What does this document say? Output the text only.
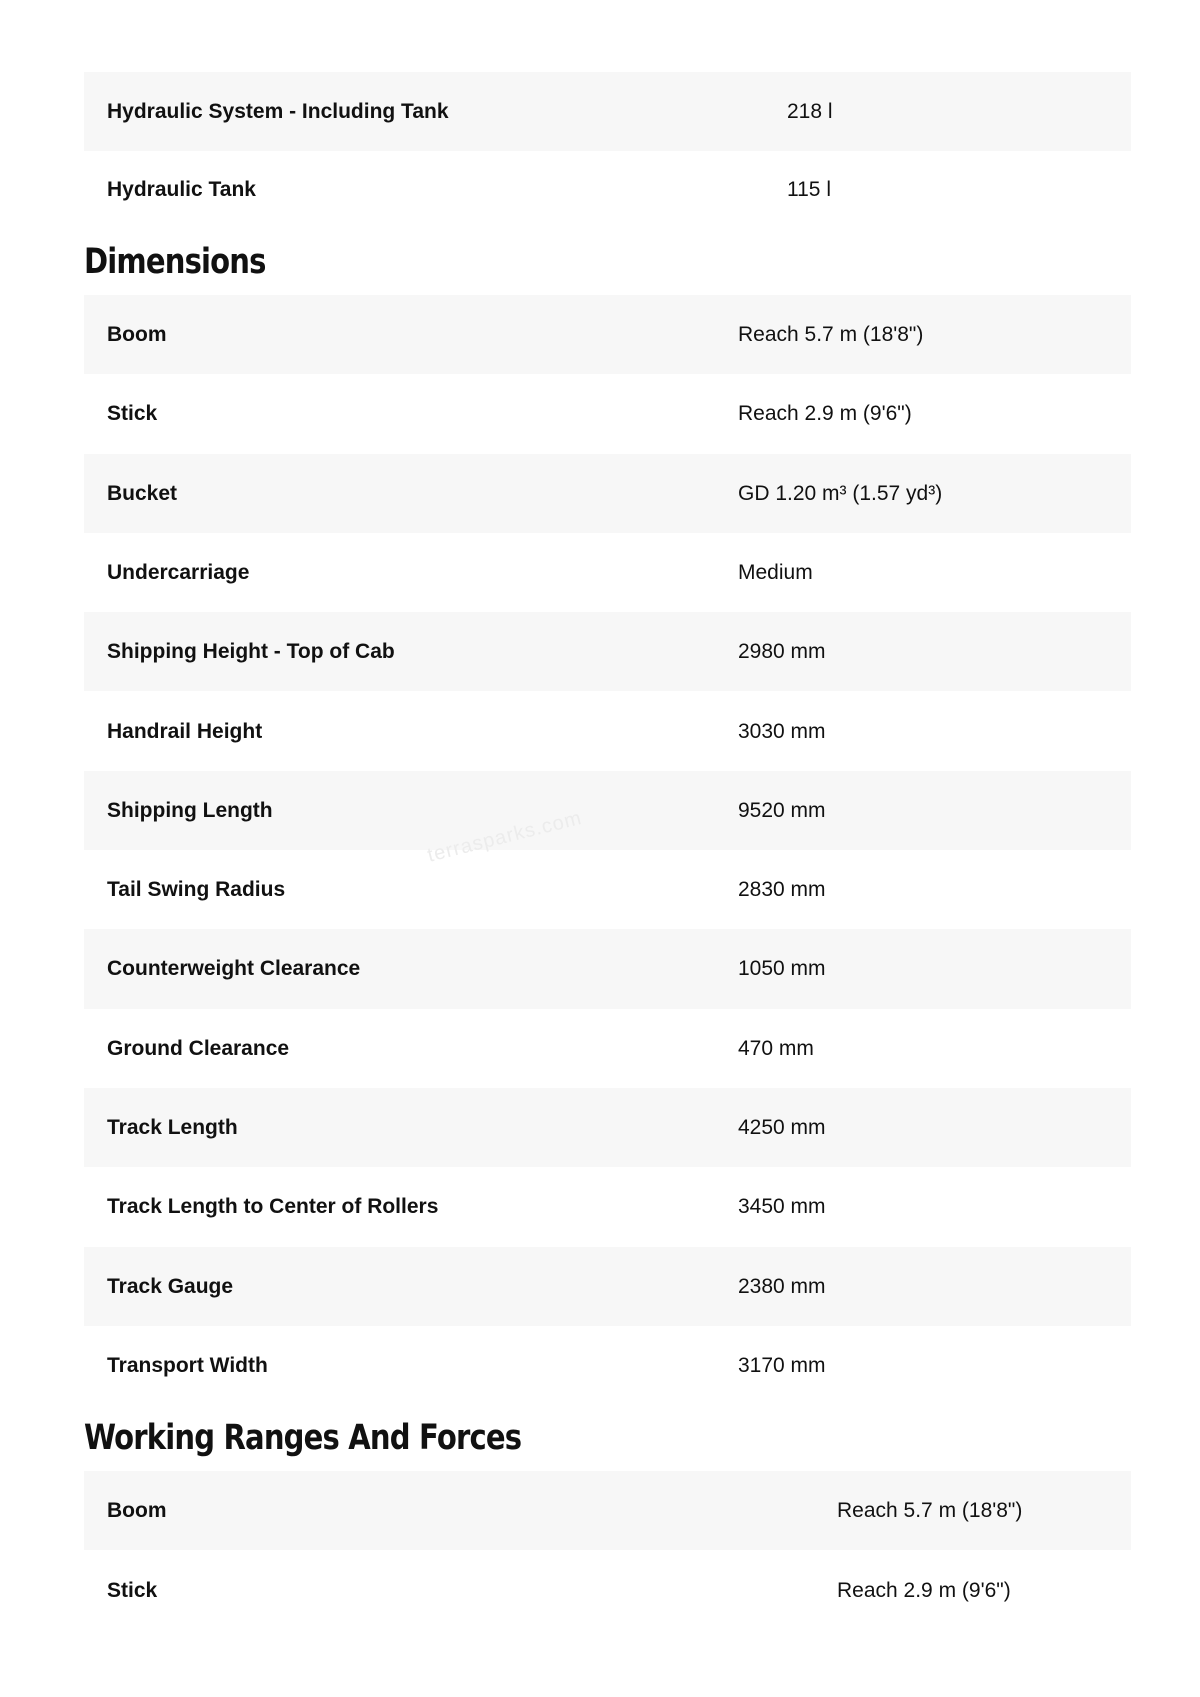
Hydraulic System - Including Tank	218 l
Hydraulic Tank	115 l
Dimensions
Boom	Reach 5.7 m (18'8")
Stick	Reach 2.9 m (9'6")
Bucket	GD 1.20 m³ (1.57 yd³)
Undercarriage	Medium
Shipping Height - Top of Cab	2980 mm
Handrail Height	3030 mm
Shipping Length	9520 mm
Tail Swing Radius	2830 mm
Counterweight Clearance	1050 mm
Ground Clearance	470 mm
Track Length	4250 mm
Track Length to Center of Rollers	3450 mm
Track Gauge	2380 mm
Transport Width	3170 mm
Working Ranges And Forces
Boom	Reach 5.7 m (18'8")
Stick	Reach 2.9 m (9'6")
terrasparks.com
